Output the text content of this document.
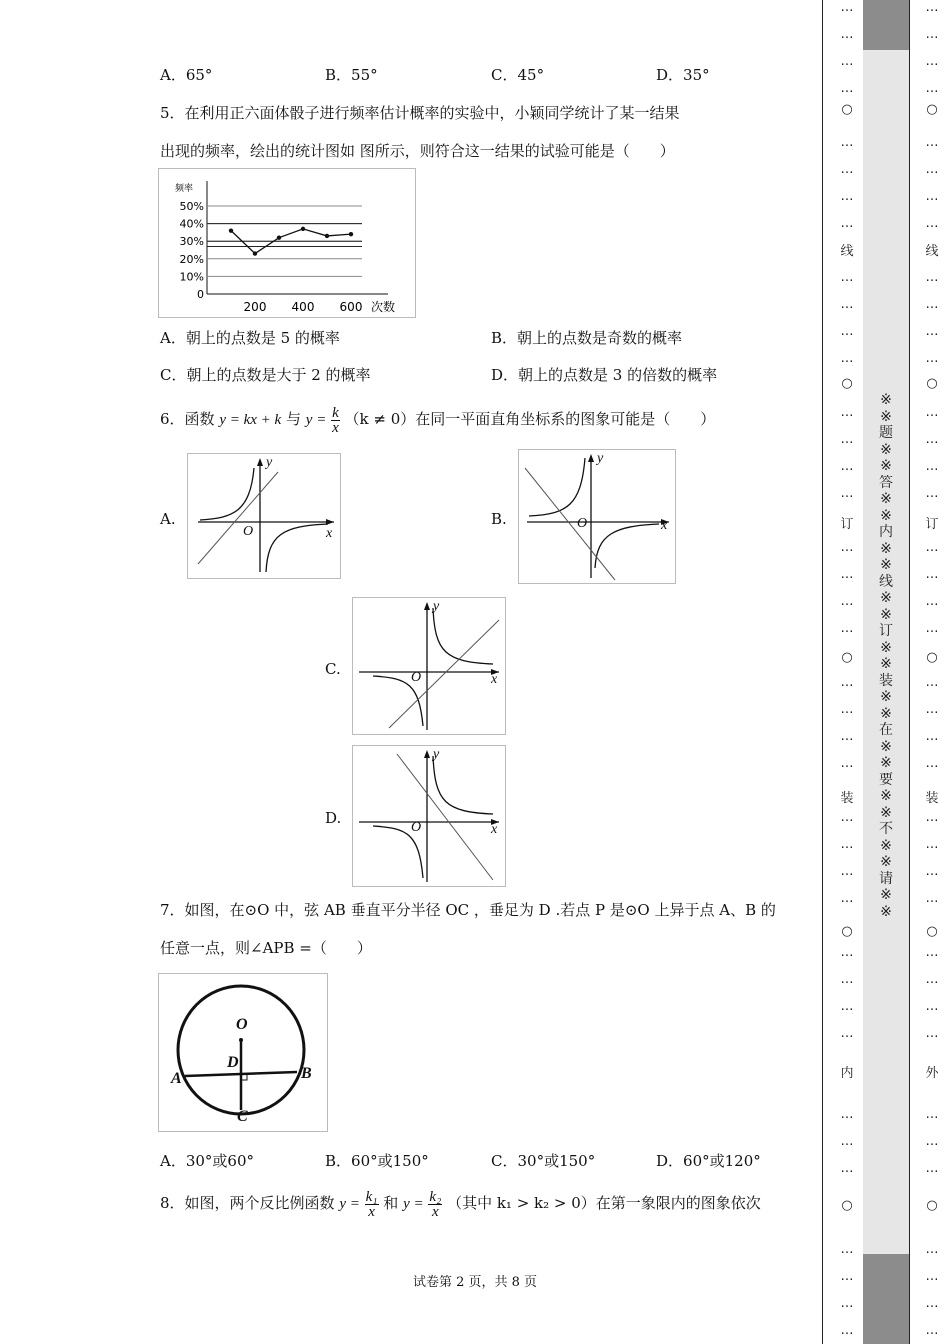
A．65°	B．55°	C．45°	D．35°
5．在利用正六面体骰子进行频率估计概率的实验中，小颖同学统计了某一结果
出现的频率，绘出的统计图如 图所示，则符合这一结果的试验可能是（　　）
50%
40%
30%
20%
10%
0
200 400 600
频率
次数
A．朝上的点数是 5 的概率	B．朝上的点数是奇数的概率
C．朝上的点数是大于 2 的概率	D．朝上的点数是 3 的倍数的概率
6．函数 y = kx + k 与 $y = \frac{k}{x} (k \ne 0)$在同一平面直角坐标系的图象可能是（　　）
A.	B.
C.
D.
y
x
O
y
x
O
y
x
O
y
x
O
7．如图，在⊙O 中，弦 AB 垂直平分半径 OC ，垂足为 D .若点 P 是⊙O 上异于点 A、B 的
任意一点，则∠APB =（　　）
O
D
A	B
C
A．30°或60°	B．60°或150°	C．30°或150°	D．60°或120°
8．如图，两个反比例函数 $y = \frac{\text{k₁}}{x}$ 和 $y = \frac{\text{k₂}}{x}$ （其中 k₁ > k₂ > 0）在第一象限内的图象依次
试卷第 2 页，共 8 页
…
…
…
…
…
…
…
…
…
…
…
…
…
…
…
…
…
…
…
…
…
…
…
…
…
…
…
…
…
…
…
…
…
…
…
…
…
…
…
○
○
○
○
○
线
订
装
内
…
…
…
…
…
…
…
…
…
…
…
…
…
…
…
…
…
…
…
…
…
…
…
…
…
…
…
…
…
…
…
…
…
…
…
…
…
…
…
○
○
○
○
○
线
订
装
外
※※题※※答※※内※※线※※订※※装※※在※※要※※不※※请※※
